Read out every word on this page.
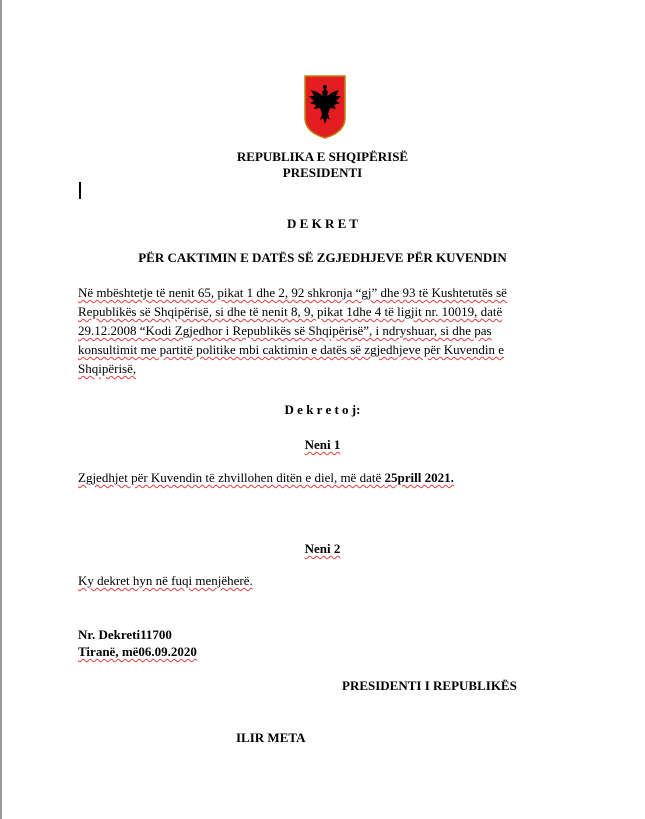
REPUBLIKA E SHQIPËRISË
PRESIDENTI
D E K R E T
PËR CAKTIMIN E DATËS SË ZGJEDHJEVE PËR KUVENDIN
Në mbështetje të nenit 65, pikat 1 dhe 2, 92 shkronja “gj” dhe 93 të Kushtetutës së
Republikës së Shqipërisë, si dhe të nenit 8, 9, pikat 1dhe 4 të ligjit nr. 10019, datë
29.12.2008 “Kodi Zgjedhor i Republikës së Shqipërisë”, i ndryshuar, si dhe pas
konsultimit me partitë politike mbi caktimin e datës së zgjedhjeve për Kuvendin e
Shqipërisë,
D e k r e t o j:
Neni 1
Zgjedhjet për Kuvendin të zhvillohen ditën e diel, më datë 25prill 2021.
Neni 2
Ky dekret hyn në fuqi menjëherë.
Nr. Dekreti11700
Tiranë, më06.09.2020
PRESIDENTI I REPUBLIKËS
ILIR META
